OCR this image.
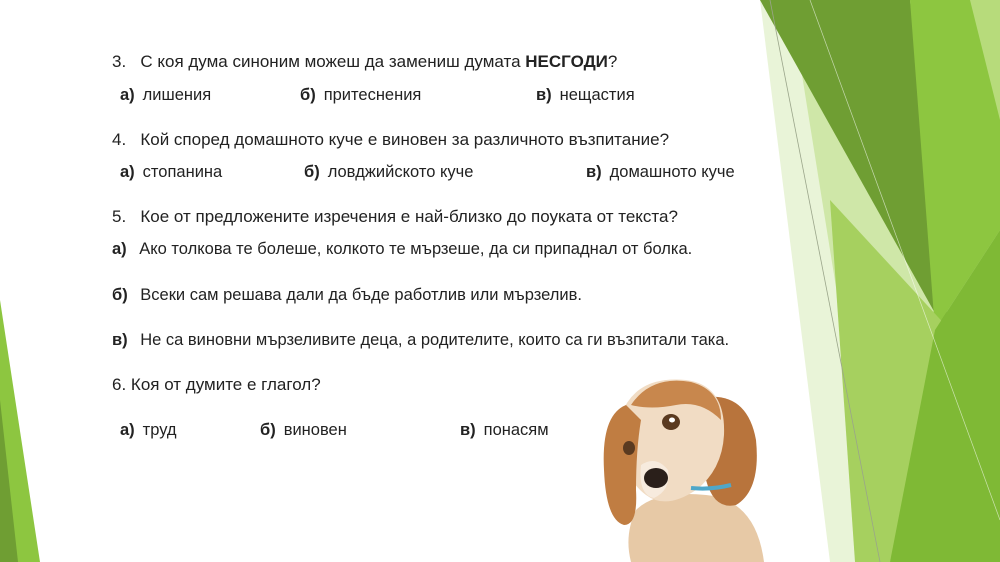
3. С коя дума синоним можеш да замениш думата НЕСГОДИ?
а) лишения	б) притеснения	в) нещастия
4. Кой според домашното куче е виновен за различното възпитание?
а) стопанина	б) ловджийското куче	в) домашното куче
5. Кое от предложените изречения е най-близко до поуката от текста?
а) Ако толкова те болеше, колкото те мързеше, да си припаднал от болка.
б) Всеки сам решава дали да бъде работлив или мързелив.
в) Не са виновни мързеливите деца, а родителите, които са ги възпитали така.
6. Коя от думите е глагол?
а) труд	б) виновен	в) понасям
